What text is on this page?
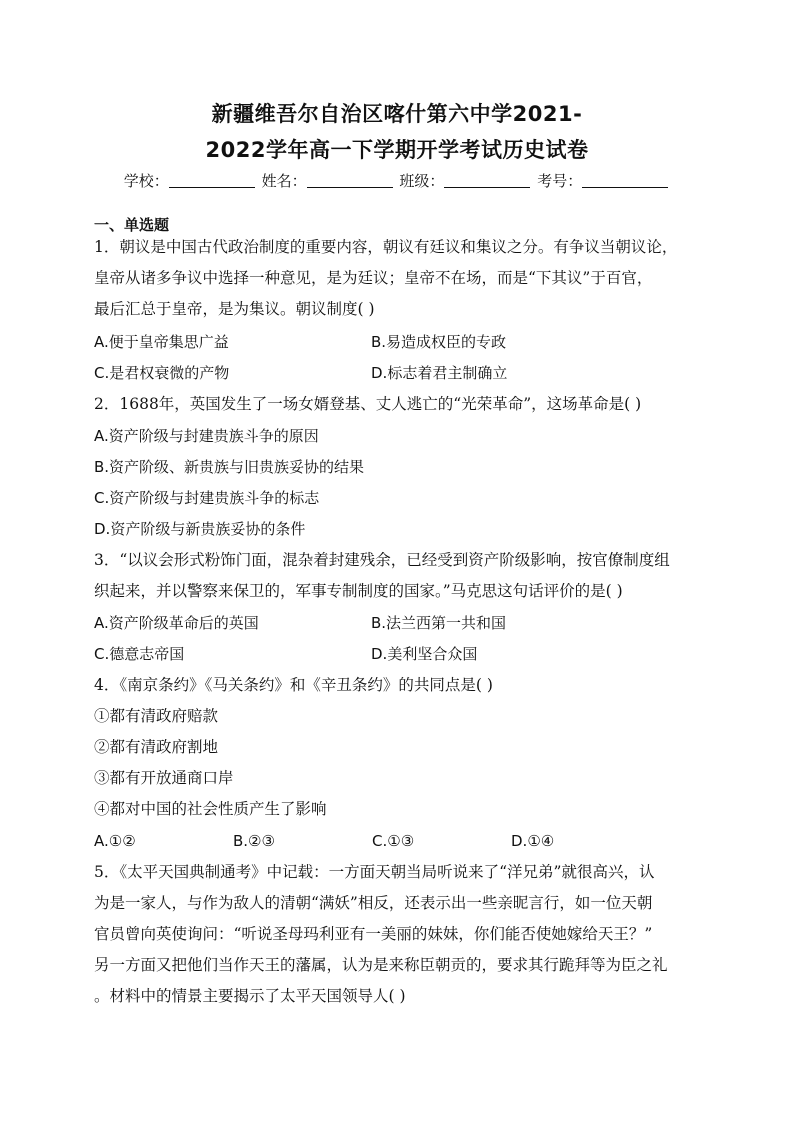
新疆维吾尔自治区喀什第六中学2021-
2022学年高一下学期开学考试历史试卷
学校：	姓名：	班级：	考号：
一、单选题
1．朝议是中国古代政治制度的重要内容，朝议有廷议和集议之分。有争议当朝议论，
皇帝从诸多争议中选择一种意见，是为廷议；皇帝不在场，而是“下其议”于百官，
最后汇总于皇帝，是为集议。朝议制度( )
A.便于皇帝集思广益	B.易造成权臣的专政
C.是君权衰微的产物	D.标志着君主制确立
2．1688年，英国发生了一场女婿登基、丈人逃亡的“光荣革命”，这场革命是( )
A.资产阶级与封建贵族斗争的原因
B.资产阶级、新贵族与旧贵族妥协的结果
C.资产阶级与封建贵族斗争的标志
D.资产阶级与新贵族妥协的条件
3．“以议会形式粉饰门面，混杂着封建残余，已经受到资产阶级影响，按官僚制度组
织起来，并以警察来保卫的，军事专制制度的国家。”马克思这句话评价的是( )
A.资产阶级革命后的英国	B.法兰西第一共和国
C.德意志帝国	D.美利坚合众国
4．《南京条约》《马关条约》和《辛丑条约》的共同点是( )
①都有清政府赔款
②都有清政府割地
③都有开放通商口岸
④都对中国的社会性质产生了影响
A.①②	B.②③	C.①③	D.①④
5．《太平天国典制通考》中记载：一方面天朝当局听说来了“洋兄弟”就很高兴，认
为是一家人，与作为敌人的清朝“满妖”相反，还表示出一些亲昵言行，如一位天朝
官员曾向英使询问：“听说圣母玛利亚有一美丽的妹妹，你们能否使她嫁给天王？”
另一方面又把他们当作天王的藩属，认为是来称臣朝贡的，要求其行跪拜等为臣之礼
。材料中的情景主要揭示了太平天国领导人( )
